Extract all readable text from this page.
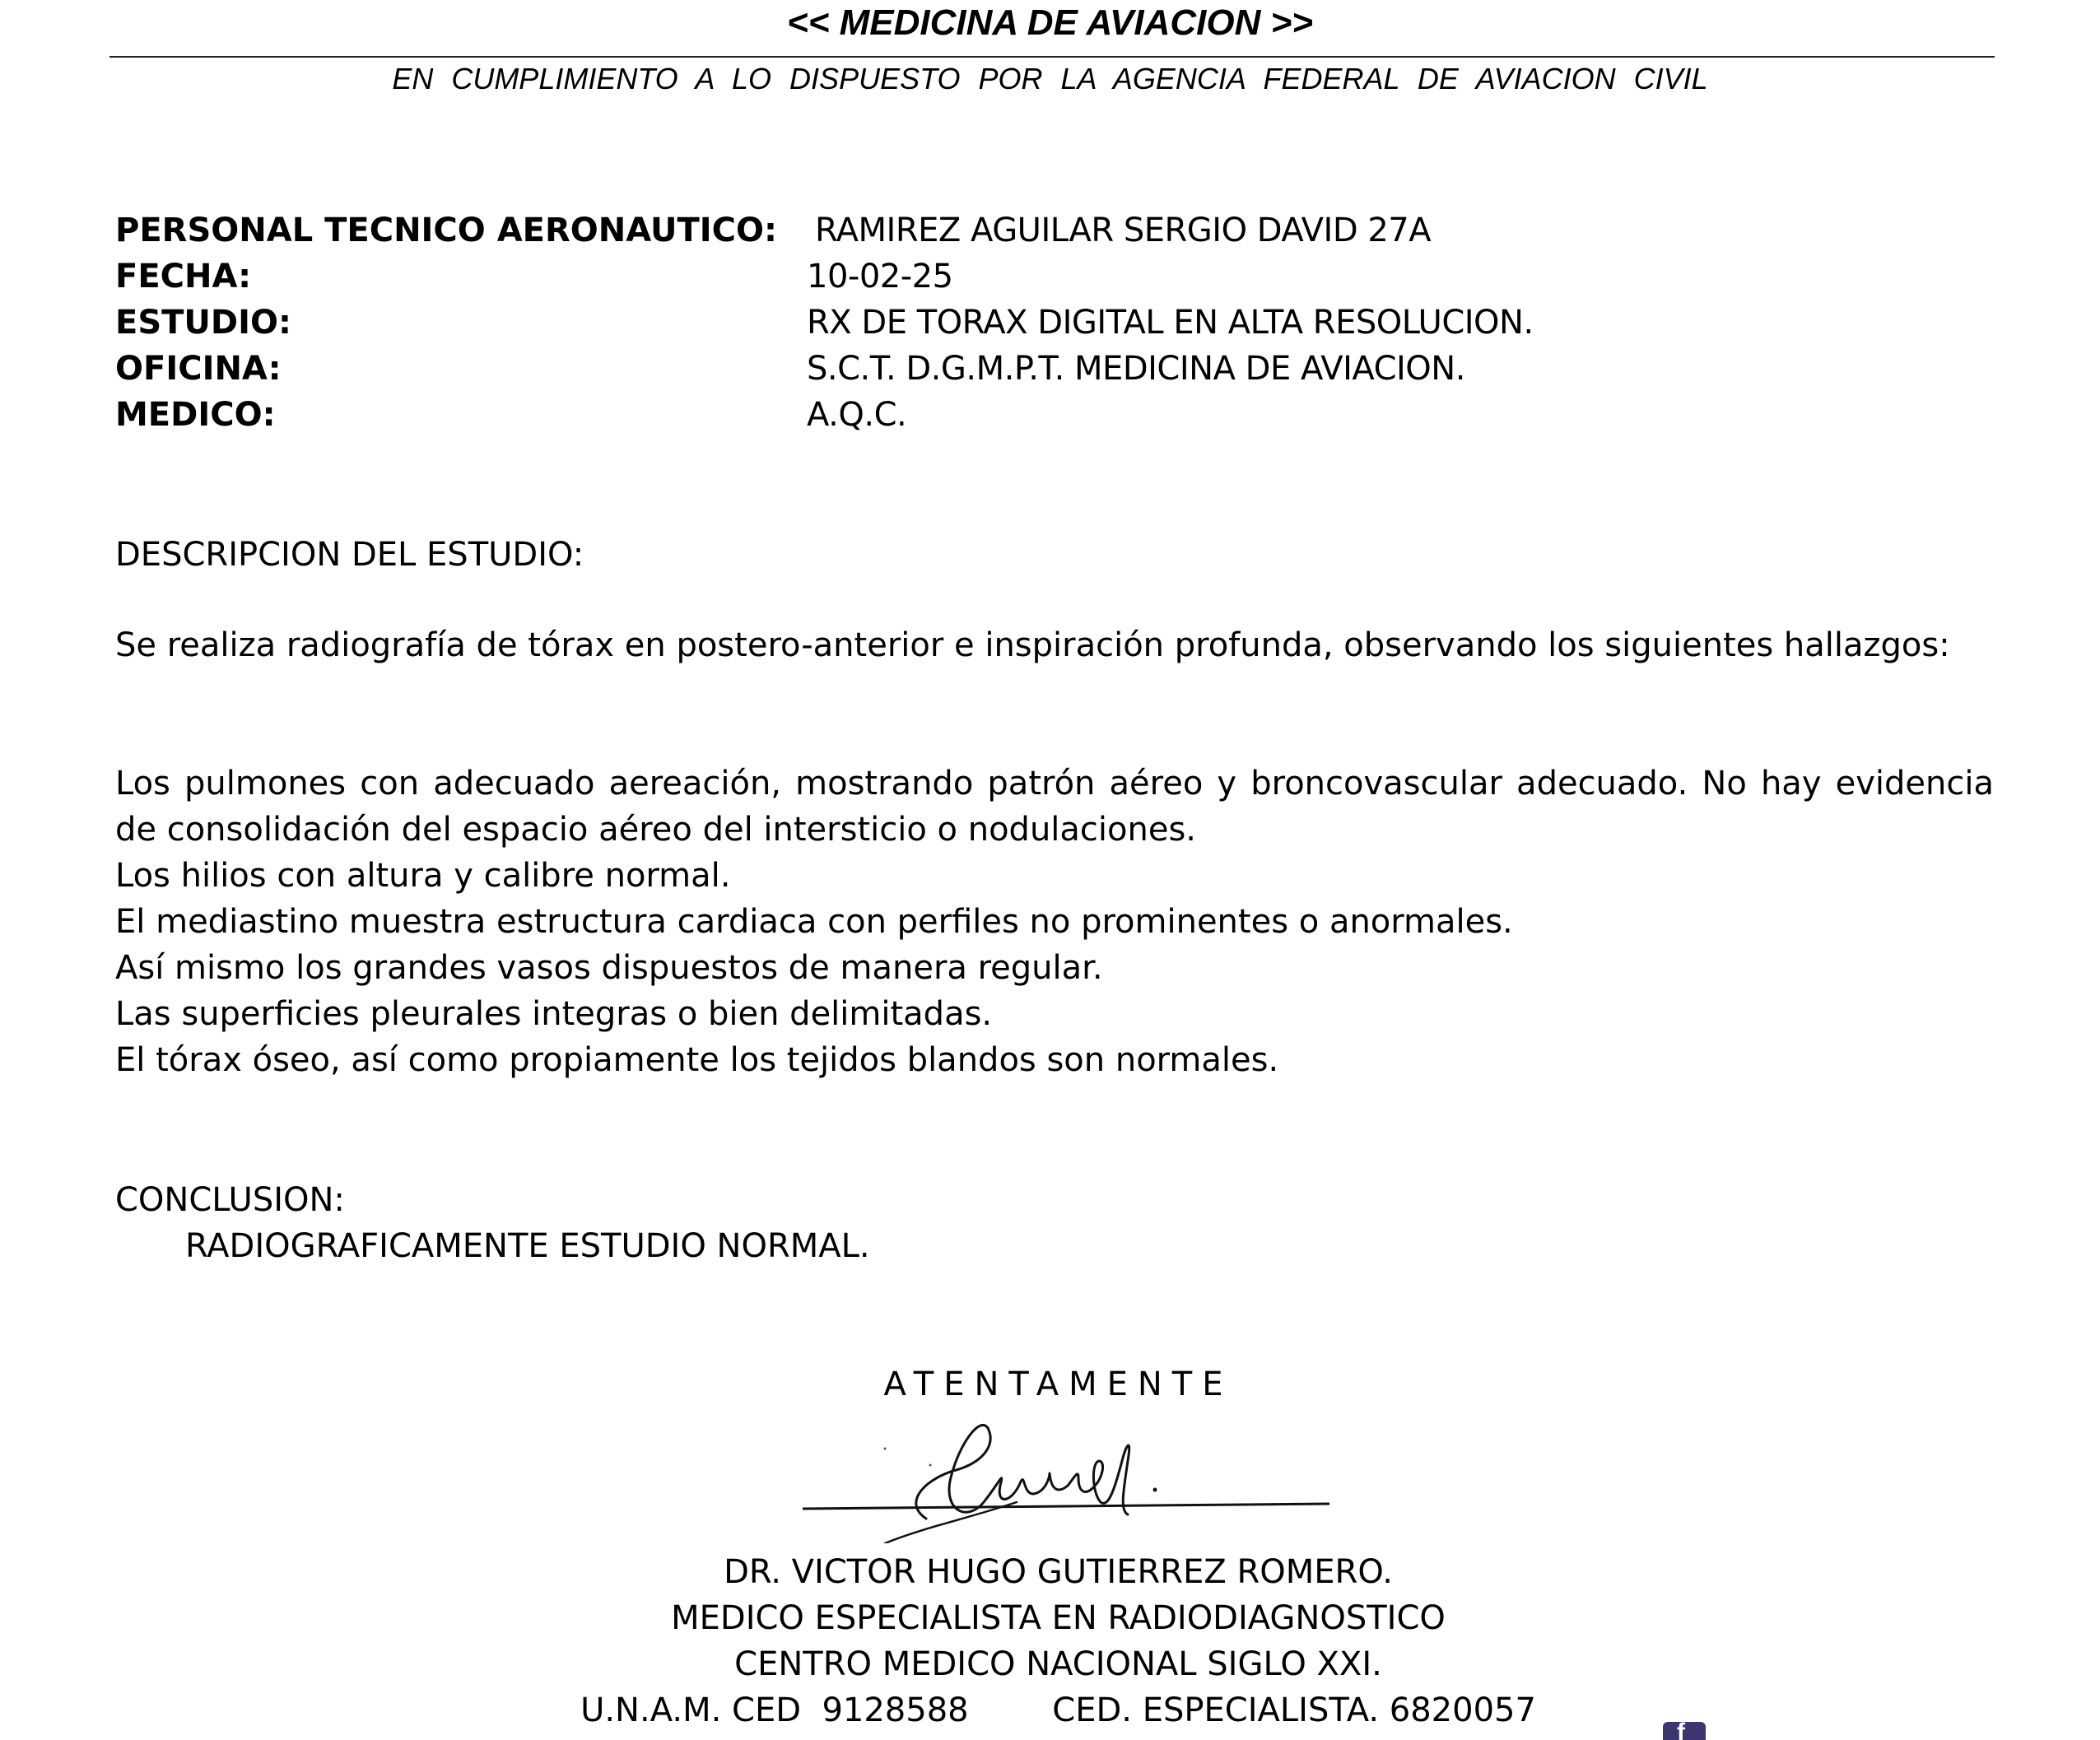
<< MEDICINA DE AVIACION >>
EN CUMPLIMIENTO A LO DISPUESTO POR LA AGENCIA FEDERAL DE AVIACION CIVIL
PERSONAL TECNICO AERONAUTICO: RAMIREZ AGUILAR SERGIO DAVID 27A
FECHA:	10-02-25
ESTUDIO:	RX DE TORAX DIGITAL EN ALTA RESOLUCION.
OFICINA:	S.C.T. D.G.M.P.T. MEDICINA DE AVIACION.
MEDICO:	A.Q.C.
DESCRIPCION DEL ESTUDIO:
Se realiza radiografía de tórax en postero-anterior e inspiración profunda, observando los siguientes hallazgos:
Los pulmones con adecuado aereación, mostrando patrón aéreo y broncovascular adecuado. No hay evidencia de consolidación del espacio aéreo del intersticio o nodulaciones.
Los hilios con altura y calibre normal.
El mediastino muestra estructura cardiaca con perfiles no prominentes o anormales.
Así mismo los grandes vasos dispuestos de manera regular.
Las superficies pleurales integras o bien delimitadas.
El tórax óseo, así como propiamente los tejidos blandos son normales.
CONCLUSION:
RADIOGRAFICAMENTE ESTUDIO NORMAL.
ATENTAMENTE
DR. VICTOR HUGO GUTIERREZ ROMERO.
MEDICO ESPECIALISTA EN RADIODIAGNOSTICO
CENTRO MEDICO NACIONAL SIGLO XXI.
U.N.A.M. CED  9128588        CED. ESPECIALISTA. 6820057
f
